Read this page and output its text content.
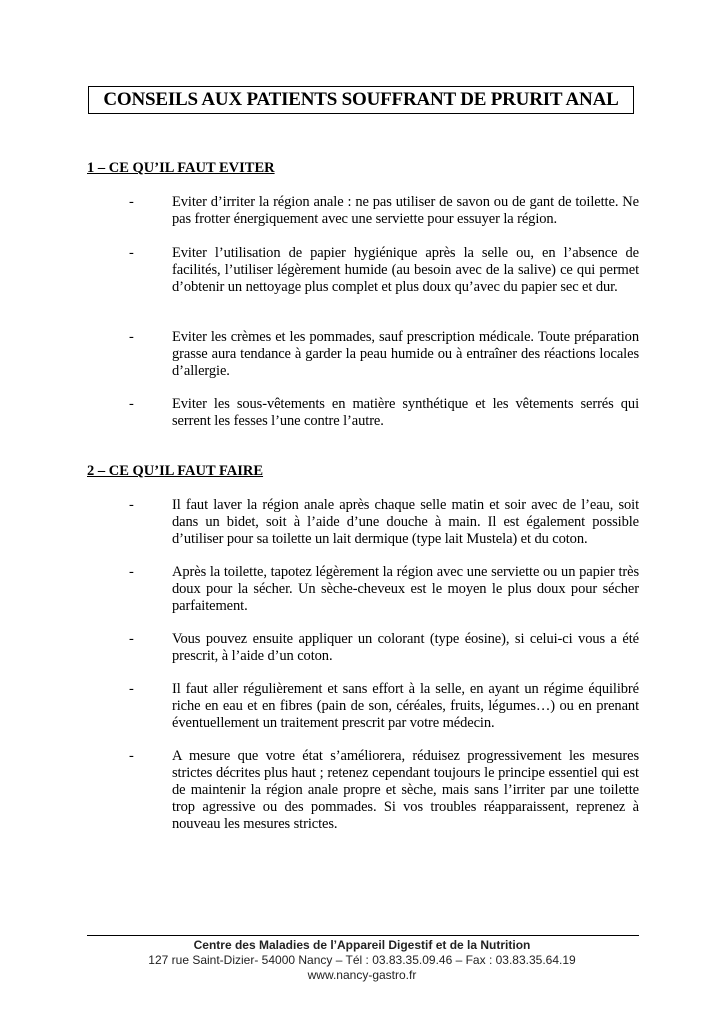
CONSEILS AUX PATIENTS SOUFFRANT DE PRURIT ANAL
1 – CE QU’IL FAUT EVITER
-	Eviter d’irriter la région anale : ne pas utiliser de savon ou de gant de toilette. Ne pas frotter énergiquement avec une serviette pour essuyer la région.
-	Eviter l’utilisation de papier hygiénique après la selle ou, en l’absence de facilités, l’utiliser légèrement humide (au besoin avec de la salive) ce qui permet d’obtenir un nettoyage plus complet et plus doux qu’avec du papier sec et dur.
-	Eviter les crèmes et les pommades, sauf prescription médicale. Toute préparation grasse aura tendance à garder la peau humide ou à entraîner des réactions locales d’allergie.
-	Eviter les sous-vêtements en matière synthétique et les vêtements serrés qui serrent les fesses l’une contre l’autre.
2 – CE QU’IL FAUT FAIRE
-	Il faut laver la région anale après chaque selle matin et soir avec de l’eau, soit dans un bidet, soit à l’aide d’une douche à main. Il est également possible d’utiliser pour sa toilette un lait dermique (type lait Mustela) et du coton.
-	Après la toilette, tapotez légèrement la région avec une serviette ou un papier très doux pour la sécher. Un sèche-cheveux est le moyen le plus doux pour sécher parfaitement.
-	Vous pouvez ensuite appliquer un colorant (type éosine), si celui-ci vous a été prescrit, à l’aide d’un coton.
-	Il faut aller régulièrement et sans effort à la selle, en ayant un régime équilibré riche en eau et en fibres (pain de son, céréales, fruits, légumes…) ou en prenant éventuellement un traitement prescrit par votre médecin.
-	A mesure que votre état s’améliorera, réduisez progressivement les mesures strictes décrites plus haut ; retenez cependant toujours le principe essentiel qui est de maintenir la région anale propre et sèche, mais sans l’irriter par une toilette trop agressive ou des pommades. Si vos troubles réapparaissent, reprenez à nouveau les mesures strictes.
Centre des Maladies de l’Appareil Digestif et de la Nutrition
127 rue Saint-Dizier- 54000 Nancy – Tél : 03.83.35.09.46 – Fax : 03.83.35.64.19
www.nancy-gastro.fr
